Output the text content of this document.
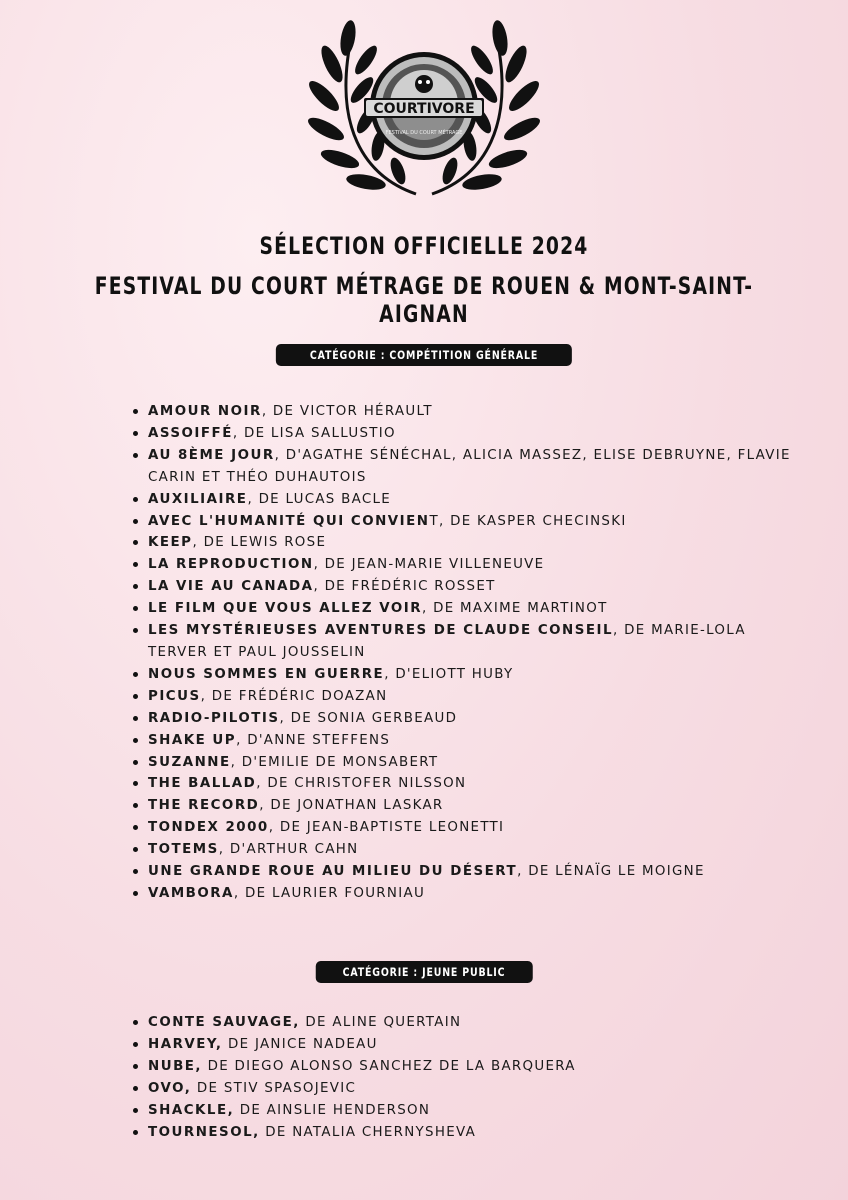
COURTIVORE
FESTIVAL DU COURT MÉTRAGE
SÉLECTION OFFICIELLE 2024
FESTIVAL DU COURT MÉTRAGE DE ROUEN & MONT-SAINT-AIGNAN
CATÉGORIE : COMPÉTITION GÉNÉRALE
AMOUR NOIR, DE VICTOR HÉRAULT
ASSOIFFÉ, DE LISA SALLUSTIO
AU 8ÈME JOUR, D'AGATHE SÉNÉCHAL, ALICIA MASSEZ, ELISE DEBRUYNE, FLAVIE CARIN ET THÉO DUHAUTOIS
AUXILIAIRE, DE LUCAS BACLE
AVEC L'HUMANITÉ QUI CONVIENT, DE KASPER CHECINSKI
KEEP, DE LEWIS ROSE
LA REPRODUCTION, DE JEAN-MARIE VILLENEUVE
LA VIE AU CANADA, DE FRÉDÉRIC ROSSET
LE FILM QUE VOUS ALLEZ VOIR, DE MAXIME MARTINOT
LES MYSTÉRIEUSES AVENTURES DE CLAUDE CONSEIL, DE MARIE-LOLA TERVER ET PAUL JOUSSELIN
NOUS SOMMES EN GUERRE, D'ELIOTT HUBY
PICUS, DE FRÉDÉRIC DOAZAN
RADIO-PILOTIS, DE SONIA GERBEAUD
SHAKE UP, D'ANNE STEFFENS
SUZANNE, D'EMILIE DE MONSABERT
THE BALLAD, DE CHRISTOFER NILSSON
THE RECORD, DE JONATHAN LASKAR
TONDEX 2000, DE JEAN-BAPTISTE LEONETTI
TOTEMS, D'ARTHUR CAHN
UNE GRANDE ROUE AU MILIEU DU DÉSERT, DE LÉNAÏG LE MOIGNE
VAMBORA, DE LAURIER FOURNIAU
CATÉGORIE : JEUNE PUBLIC
CONTE SAUVAGE, DE ALINE QUERTAIN
HARVEY, DE JANICE NADEAU
NUBE, DE DIEGO ALONSO SANCHEZ DE LA BARQUERA
OVO, DE STIV SPASOJEVIC
SHACKLE, DE AINSLIE HENDERSON
TOURNESOL, DE NATALIA CHERNYSHEVA
